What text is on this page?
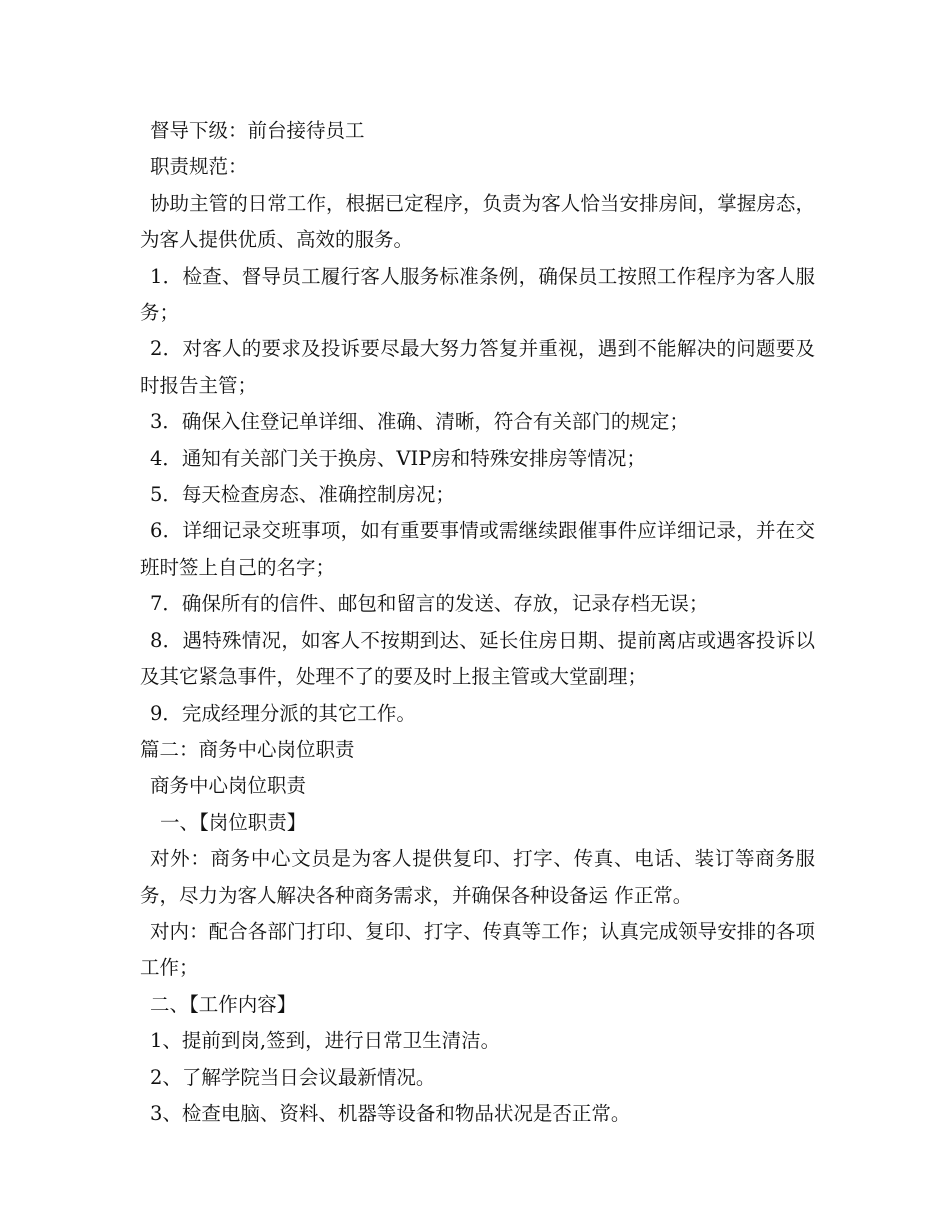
督导下级：前台接待员工

职责规范：

协助主管的日常工作，根据已定程序，负责为客人恰当安排房间，掌握房态，为客人提供优质、高效的服务。

1．检查、督导员工履行客人服务标准条例，确保员工按照工作程序为客人服务；

2．对客人的要求及投诉要尽最大努力答复并重视，遇到不能解决的问题要及时报告主管；

3．确保入住登记单详细、准确、清晰，符合有关部门的规定；

4．通知有关部门关于换房、VIP房和特殊安排房等情况；

5．每天检查房态、准确控制房况；

6．详细记录交班事项，如有重要事情或需继续跟催事件应详细记录，并在交班时签上自己的名字；

7．确保所有的信件、邮包和留言的发送、存放，记录存档无误；

8．遇特殊情况，如客人不按期到达、延长住房日期、提前离店或遇客投诉以及其它紧急事件，处理不了的要及时上报主管或大堂副理；

9．完成经理分派的其它工作。

篇二：商务中心岗位职责

商务中心岗位职责

一、【岗位职责】

对外：商务中心文员是为客人提供复印、打字、传真、电话、装订等商务服务，尽力为客人解决各种商务需求，并确保各种设备运 作正常。

对内：配合各部门打印、复印、打字、传真等工作；认真完成领导安排的各项工作；

二、【工作内容】

1、提前到岗,签到，进行日常卫生清洁。

2、了解学院当日会议最新情况。

3、检查电脑、资料、机器等设备和物品状况是否正常。
